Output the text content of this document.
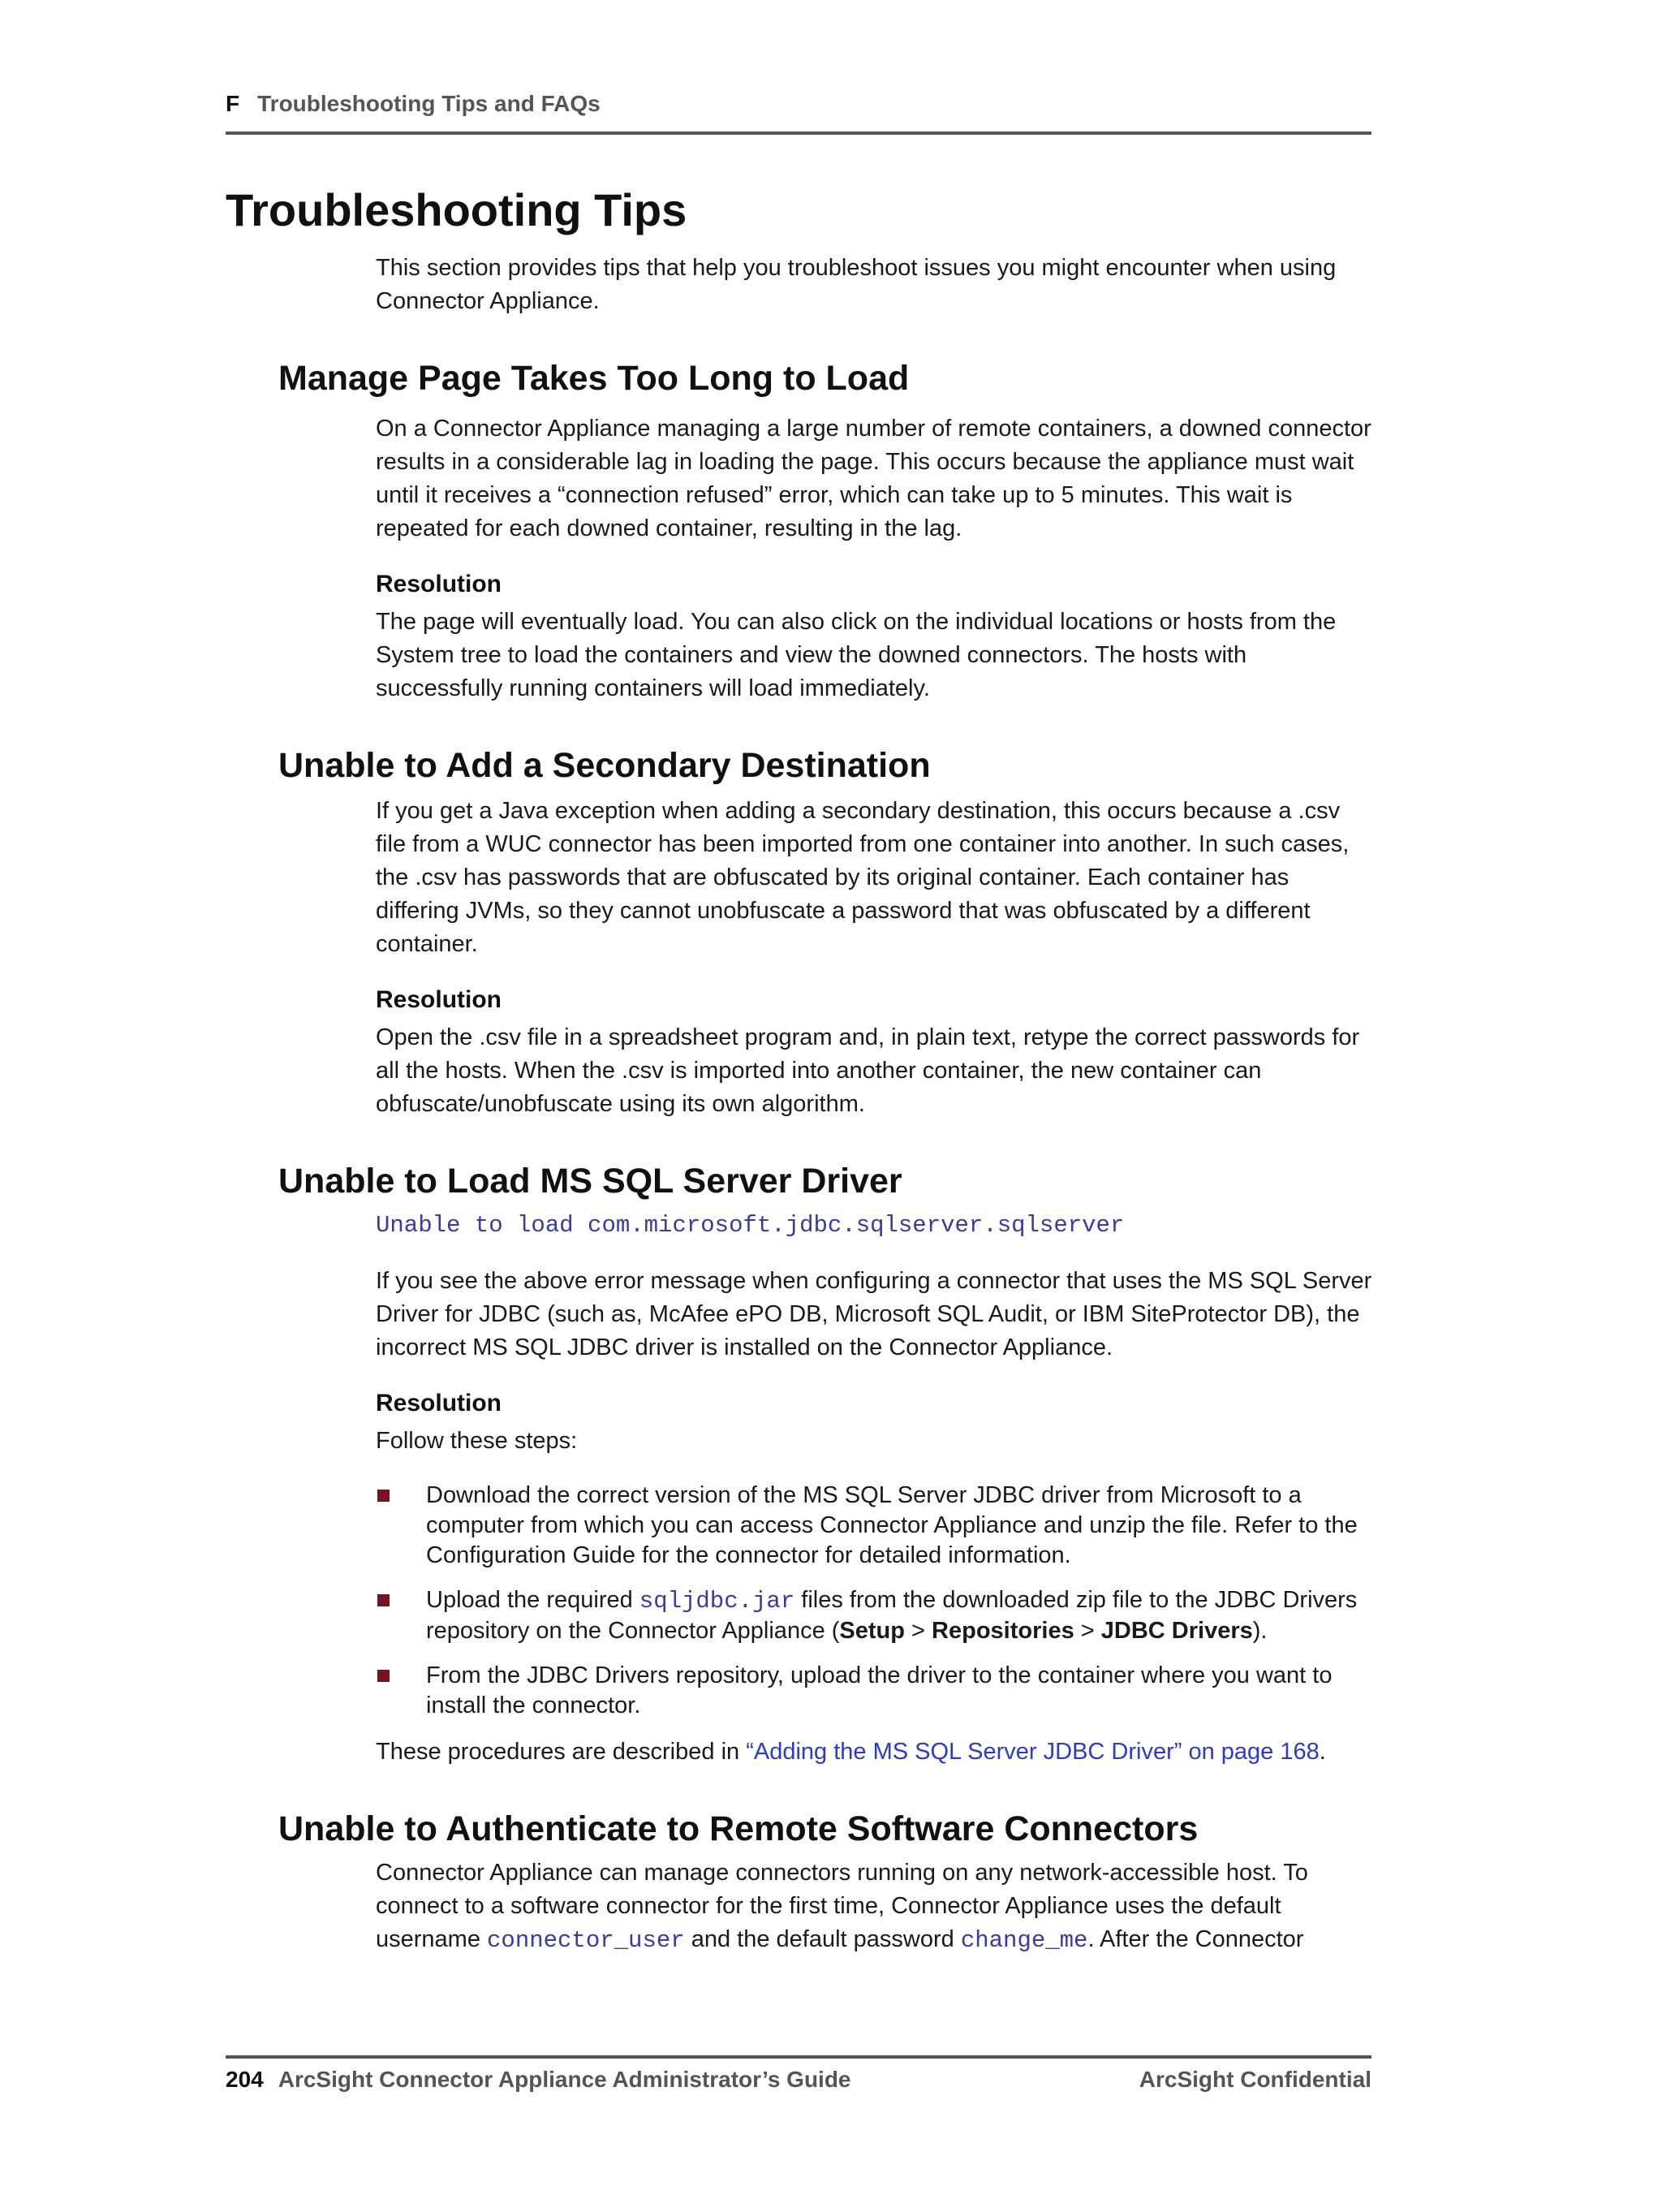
F Troubleshooting Tips and FAQs
Troubleshooting Tips

This section provides tips that help you troubleshoot issues you might encounter when using Connector Appliance.

Manage Page Takes Too Long to Load

On a Connector Appliance managing a large number of remote containers, a downed connector results in a considerable lag in loading the page. This occurs because the appliance must wait until it receives a “connection refused” error, which can take up to 5 minutes. This wait is repeated for each downed container, resulting in the lag.

Resolution

The page will eventually load. You can also click on the individual locations or hosts from the System tree to load the containers and view the downed connectors. The hosts with successfully running containers will load immediately.

Unable to Add a Secondary Destination

If you get a Java exception when adding a secondary destination, this occurs because a .csv file from a WUC connector has been imported from one container into another. In such cases, the .csv has passwords that are obfuscated by its original container. Each container has differing JVMs, so they cannot unobfuscate a password that was obfuscated by a different container.

Resolution

Open the .csv file in a spreadsheet program and, in plain text, retype the correct passwords for all the hosts. When the .csv is imported into another container, the new container can obfuscate/unobfuscate using its own algorithm.

Unable to Load MS SQL Server Driver

Unable to load com.microsoft.jdbc.sqlserver.sqlserver

If you see the above error message when configuring a connector that uses the MS SQL Server Driver for JDBC (such as, McAfee ePO DB, Microsoft SQL Audit, or IBM SiteProtector DB), the incorrect MS SQL JDBC driver is installed on the Connector Appliance.

Resolution

Follow these steps:

Download the correct version of the MS SQL Server JDBC driver from Microsoft to a computer from which you can access Connector Appliance and unzip the file. Refer to the Configuration Guide for the connector for detailed information.
Upload the required sqljdbc.jar files from the downloaded zip file to the JDBC Drivers repository on the Connector Appliance (Setup > Repositories > JDBC Drivers).
From the JDBC Drivers repository, upload the driver to the container where you want to install the connector.

These procedures are described in “Adding the MS SQL Server JDBC Driver” on page 168.

Unable to Authenticate to Remote Software Connectors

Connector Appliance can manage connectors running on any network-accessible host. To connect to a software connector for the first time, Connector Appliance uses the default username connector_user and the default password change_me. After the Connector

204 ArcSight Connector Appliance Administrator’s Guide	ArcSight Confidential
